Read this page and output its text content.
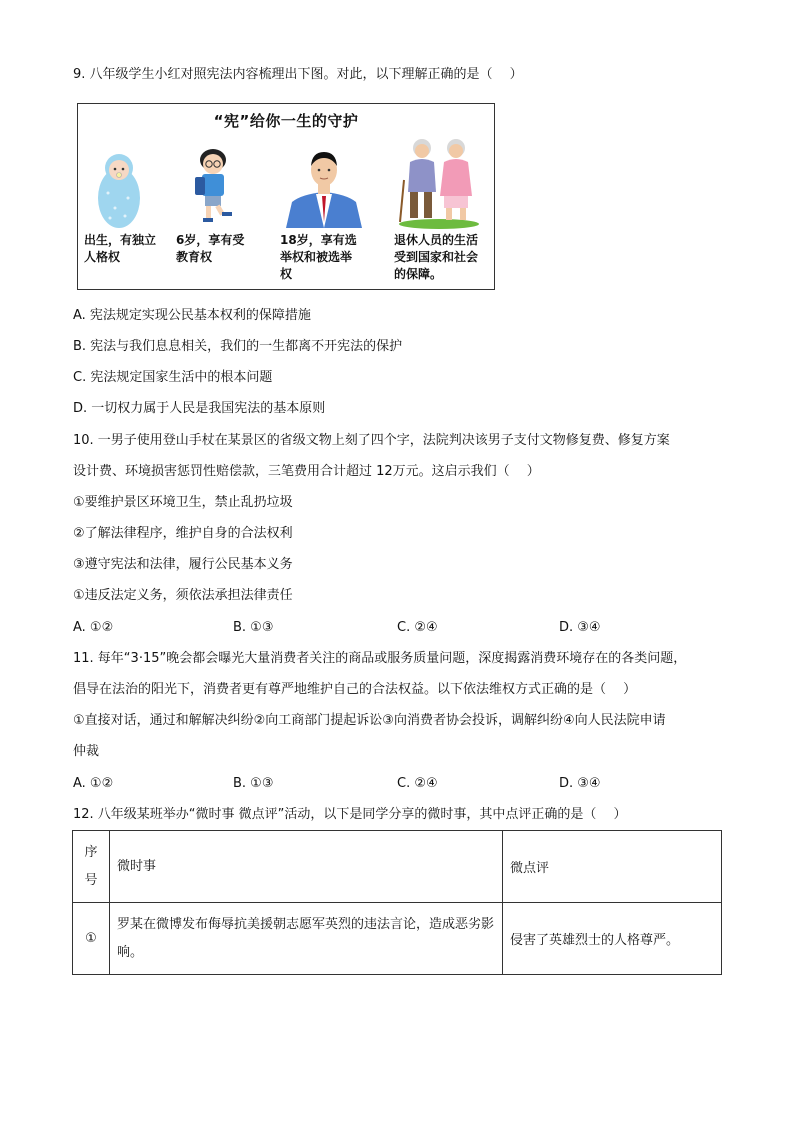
9. 八年级学生小红对照宪法内容梳理出下图。对此，以下理解正确的是（　 ）
“宪”给你一生的守护
出生，有独立人格权
6岁，享有受教育权
18岁，享有选举权和被选举权
退休人员的生活受到国家和社会的保障。
A. 宪法规定实现公民基本权利的保障措施
B. 宪法与我们息息相关，我们的一生都离不开宪法的保护
C. 宪法规定国家生活中的根本问题
D. 一切权力属于人民是我国宪法的基本原则
10. 一男子使用登山手杖在某景区的省级文物上刻了四个字，法院判决该男子支付文物修复费、修复方案
设计费、环境损害惩罚性赔偿款，三笔费用合计超过 12万元。这启示我们（　 ）
①要维护景区环境卫生，禁止乱扔垃圾
②了解法律程序，维护自身的合法权利
③遵守宪法和法律，履行公民基本义务
①违反法定义务，须依法承担法律责任
A. ①②	B. ①③	C. ②④	D. ③④
11. 每年“3·15”晚会都会曝光大量消费者关注的商品或服务质量问题，深度揭露消费环境存在的各类问题，
倡导在法治的阳光下，消费者更有尊严地维护自己的合法权益。以下依法维权方式正确的是（　 ）
①直接对话，通过和解解决纠纷②向工商部门提起诉讼③向消费者协会投诉，调解纠纷④向人民法院申请
仲裁
A. ①②	B. ①③	C. ②④	D. ③④
12. 八年级某班举办“微时事 微点评”活动，以下是同学分享的微时事，其中点评正确的是（　 ）
序号	微时事	微点评
①	罗某在微博发布侮辱抗美援朝志愿军英烈的违法言论，造成恶劣影响。	侵害了英雄烈士的人格尊严。
